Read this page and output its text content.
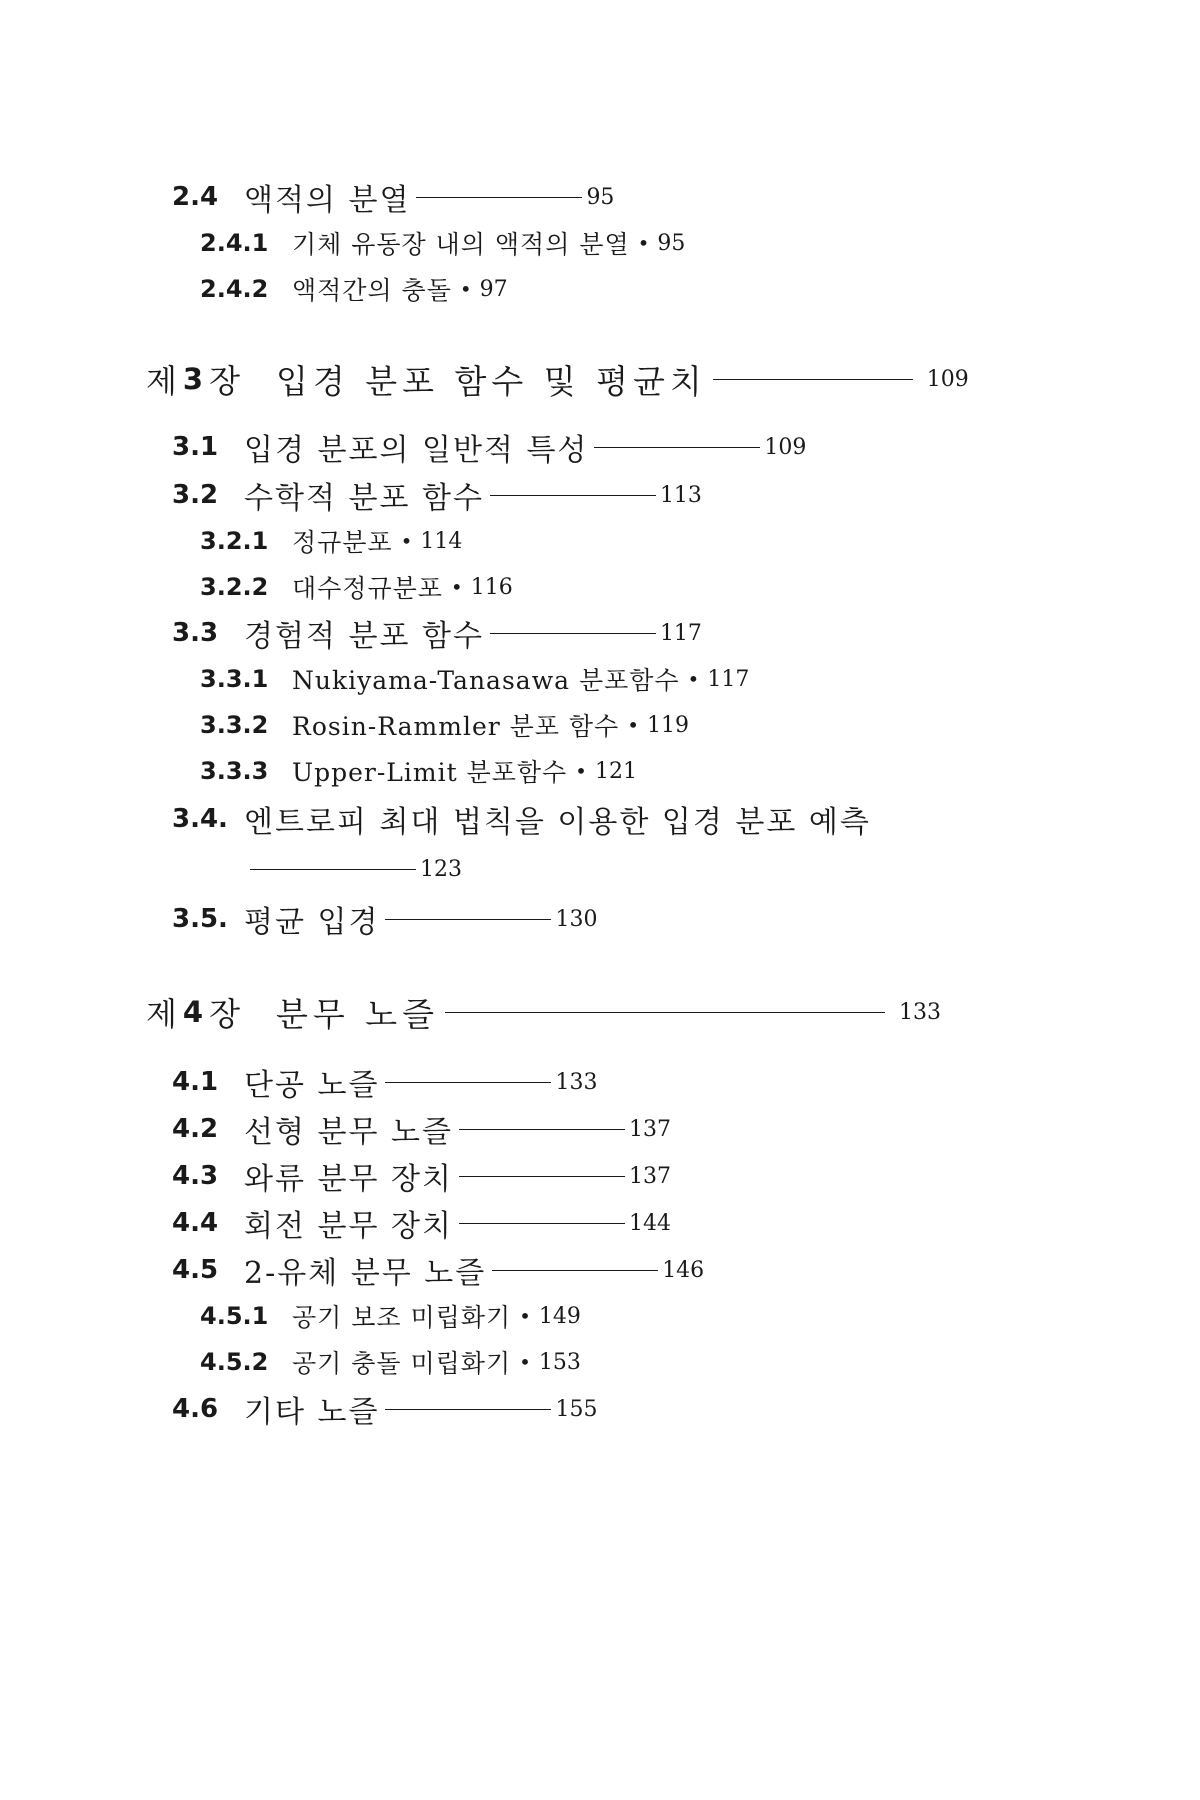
2.4 액적의 분열	95
2.4.1 기체 유동장 내의 액적의 분열 • 95
2.4.2 액적간의 충돌 • 97
제 3 장 입경 분포 함수 및 평균치	109
3.1 입경 분포의 일반적 특성	109
3.2 수학적 분포 함수	113
3.2.1 정규분포 • 114
3.2.2 대수정규분포 • 116
3.3 경험적 분포 함수	117
3.3.1 Nukiyama-Tanasawa 분포함수 • 117
3.3.2 Rosin-Rammler 분포 함수 • 119
3.3.3 Upper-Limit 분포함수 • 121
3.4. 엔트로피 최대 법칙을 이용한 입경 분포 예측
123
3.5. 평균 입경	130
제 4 장 분무 노즐	133
4.1 단공 노즐	133
4.2 선형 분무 노즐	137
4.3 와류 분무 장치	137
4.4 회전 분무 장치	144
4.5 2-유체 분무 노즐	146
4.5.1 공기 보조 미립화기 • 149
4.5.2 공기 충돌 미립화기 • 153
4.6 기타 노즐	155
